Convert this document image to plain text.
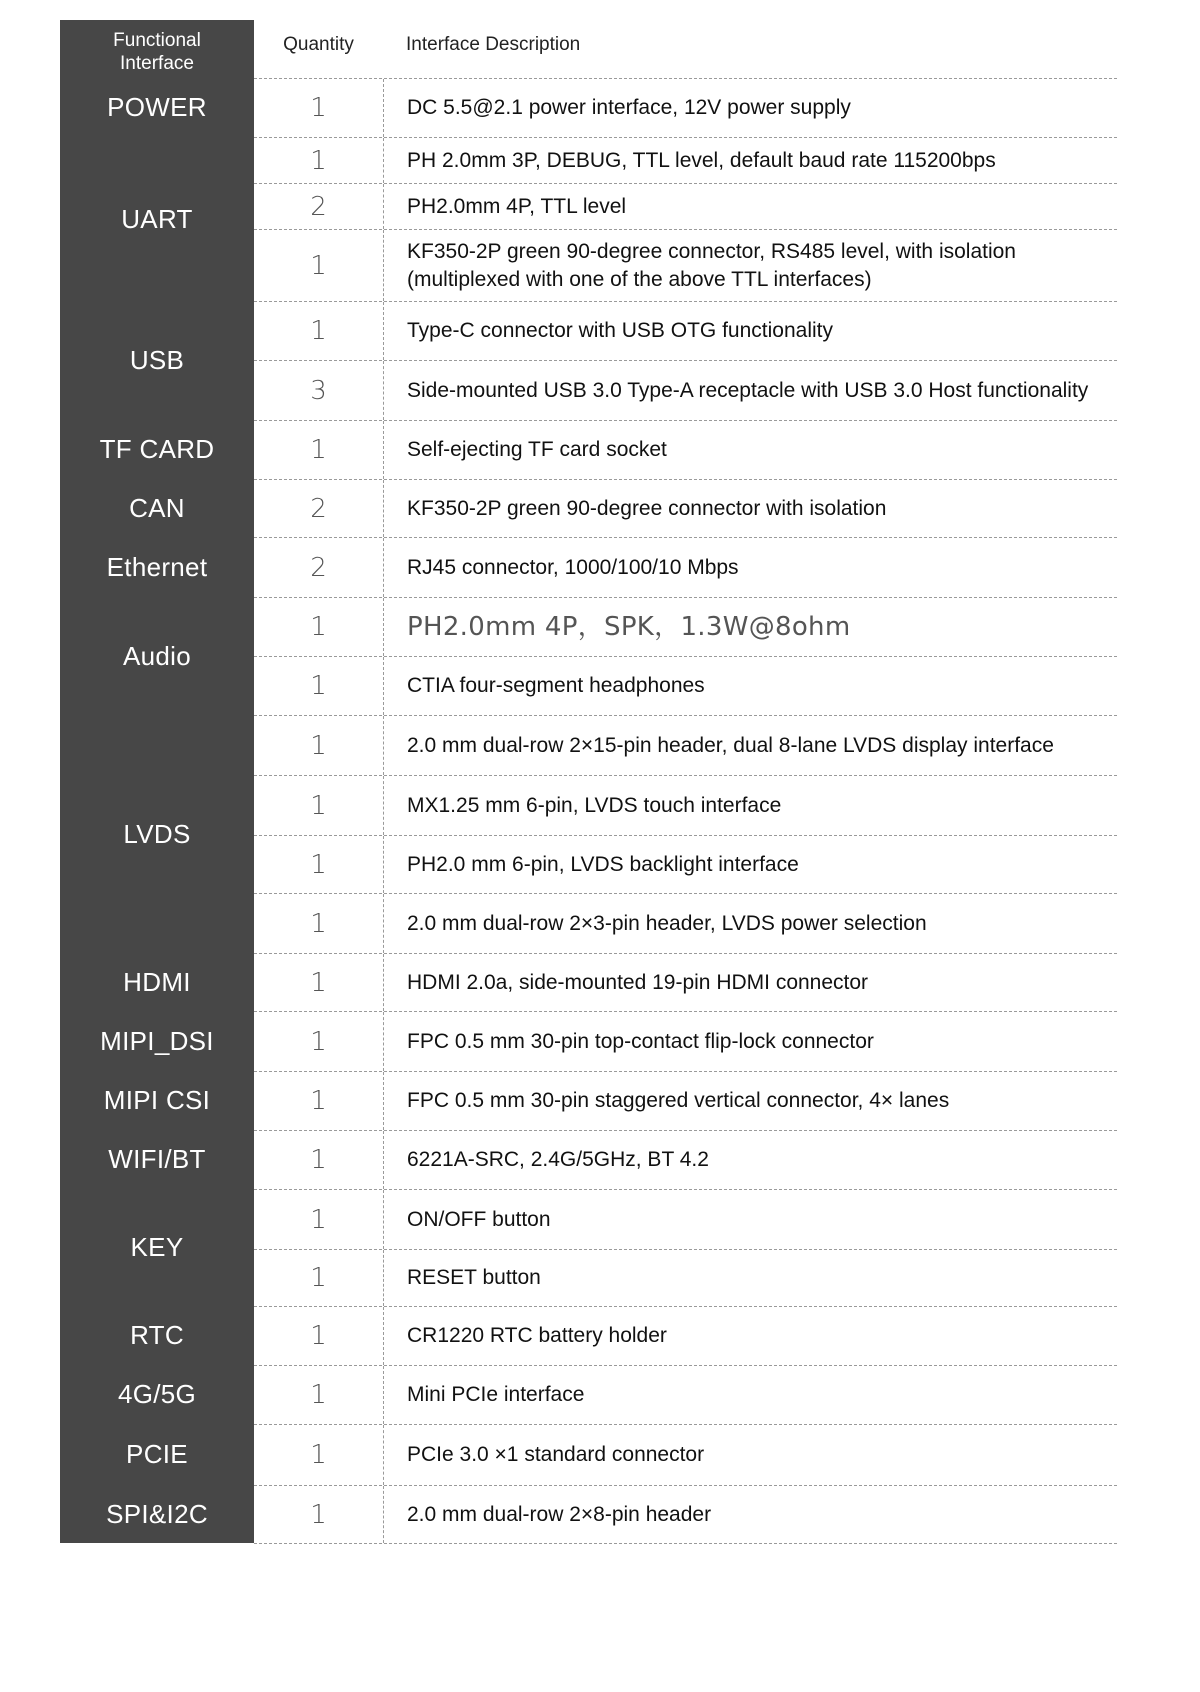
Functional
Interface
Quantity	Interface Description
POWER	1	DC 5.5@2.1 power interface, 12V power supply
UART
1	PH 2.0mm 3P, DEBUG, TTL level, default baud rate 115200bps
2	PH2.0mm 4P, TTL level
1	KF350-2P green 90-degree connector, RS485 level, with isolation
(multiplexed with one of the above TTL interfaces)
USB
1	Type-C connector with USB OTG functionality
3	Side-mounted USB 3.0 Type-A receptacle with USB 3.0 Host functionality
TF CARD	1	Self-ejecting TF card socket
CAN	2	KF350-2P green 90-degree connector with isolation
Ethernet	2	RJ45 connector, 1000/100/10 Mbps
Audio
1	PH2.0mm 4P，SPK，1.3W@8ohm
1	CTIA four-segment headphones
LVDS
1	2.0 mm dual-row 2×15-pin header, dual 8-lane LVDS display interface
1	MX1.25 mm 6-pin, LVDS touch interface
1	PH2.0 mm 6-pin, LVDS backlight interface
1	2.0 mm dual-row 2×3-pin header, LVDS power selection
HDMI	1	HDMI 2.0a, side-mounted 19-pin HDMI connector
MIPI_DSI	1	FPC 0.5 mm 30-pin top-contact flip-lock connector
MIPI CSI	1	FPC 0.5 mm 30-pin staggered vertical connector, 4× lanes
WIFI/BT	1	6221A-SRC, 2.4G/5GHz, BT 4.2
KEY
1	ON/OFF button
1	RESET button
RTC	1	CR1220 RTC battery holder
4G/5G	1	Mini PCIe interface
PCIE	1	PCIe 3.0 ×1 standard connector
SPI&I2C	1	2.0 mm dual-row 2×8-pin header
